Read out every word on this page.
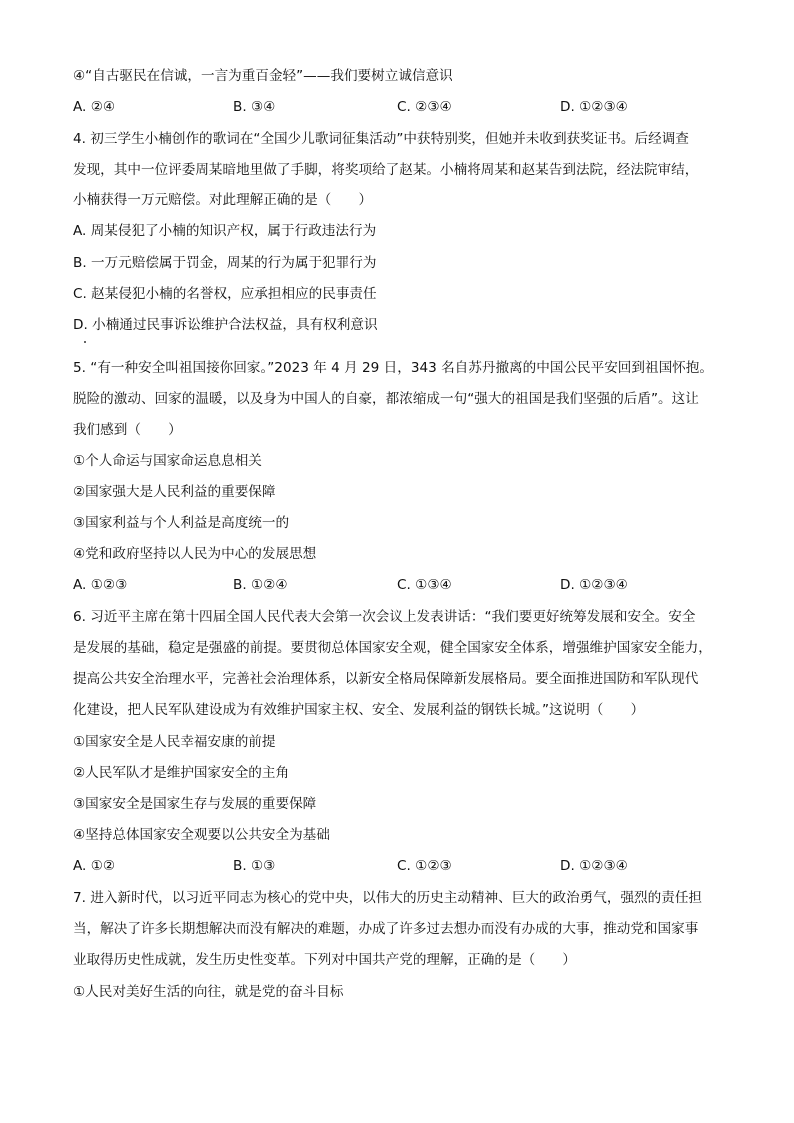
④“自古驱民在信诚，一言为重百金轻”——我们要树立诚信意识
A. ②④	B. ③④	C. ②③④	D. ①②③④
4. 初三学生小楠创作的歌词在“全国少儿歌词征集活动”中获特别奖，但她并未收到获奖证书。后经调查
发现，其中一位评委周某暗地里做了手脚，将奖项给了赵某。小楠将周某和赵某告到法院，经法院审结，
小楠获得一万元赔偿。对此理解正确的是（　　）
A. 周某侵犯了小楠的知识产权，属于行政违法行为
B. 一万元赔偿属于罚金，周某的行为属于犯罪行为
C. 赵某侵犯小楠的名誉权，应承担相应的民事责任
D. 小楠通过民事诉讼维护合法权益，具有权利意识
5. “有一种安全叫祖国接你回家。”2023 年 4 月 29 日，343 名自苏丹撤离的中国公民平安回到祖国怀抱。
脱险的激动、回家的温暖，以及身为中国人的自豪，都浓缩成一句“强大的祖国是我们坚强的后盾”。这让
我们感到（　　）
①个人命运与国家命运息息相关
②国家强大是人民利益的重要保障
③国家利益与个人利益是高度统一的
④党和政府坚持以人民为中心的发展思想
A. ①②③	B. ①②④	C. ①③④	D. ①②③④
6. 习近平主席在第十四届全国人民代表大会第一次会议上发表讲话：“我们要更好统筹发展和安全。安全
是发展的基础，稳定是强盛的前提。要贯彻总体国家安全观，健全国家安全体系，增强维护国家安全能力，
提高公共安全治理水平，完善社会治理体系，以新安全格局保障新发展格局。要全面推进国防和军队现代
化建设，把人民军队建设成为有效维护国家主权、安全、发展利益的钢铁长城。”这说明（　　）
①国家安全是人民幸福安康的前提
②人民军队才是维护国家安全的主角
③国家安全是国家生存与发展的重要保障
④坚持总体国家安全观要以公共安全为基础
A. ①②	B. ①③	C. ①②③	D. ①②③④
7. 进入新时代，以习近平同志为核心的党中央，以伟大的历史主动精神、巨大的政治勇气，强烈的责任担
当，解决了许多长期想解决而没有解决的难题，办成了许多过去想办而没有办成的大事，推动党和国家事
业取得历史性成就，发生历史性变革。下列对中国共产党的理解，正确的是（　　）
①人民对美好生活的向往，就是党的奋斗目标
